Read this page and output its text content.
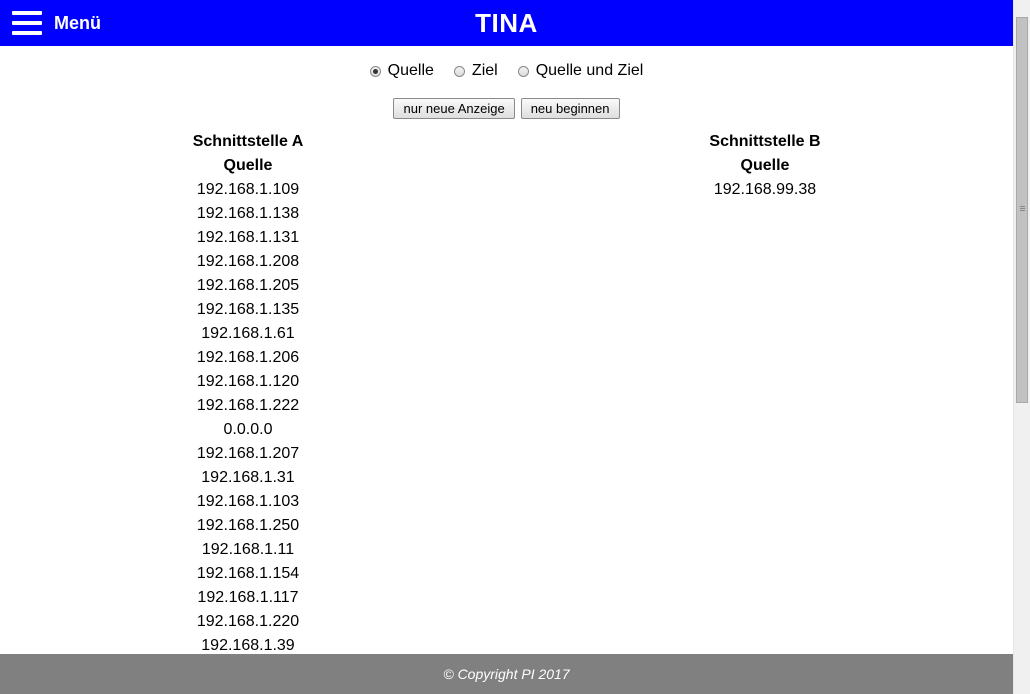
Menü	TINA
Quelle Ziel Quelle und Ziel
nur neue Anzeige	neu beginnen
Schnittstelle A
Quelle
192.168.1.109
192.168.1.138
192.168.1.131
192.168.1.208
192.168.1.205
192.168.1.135
192.168.1.61
192.168.1.206
192.168.1.120
192.168.1.222
0.0.0.0
192.168.1.207
192.168.1.31
192.168.1.103
192.168.1.250
192.168.1.11
192.168.1.154
192.168.1.117
192.168.1.220
192.168.1.39
Schnittstelle B
Quelle
192.168.99.38
© Copyright PI 2017
